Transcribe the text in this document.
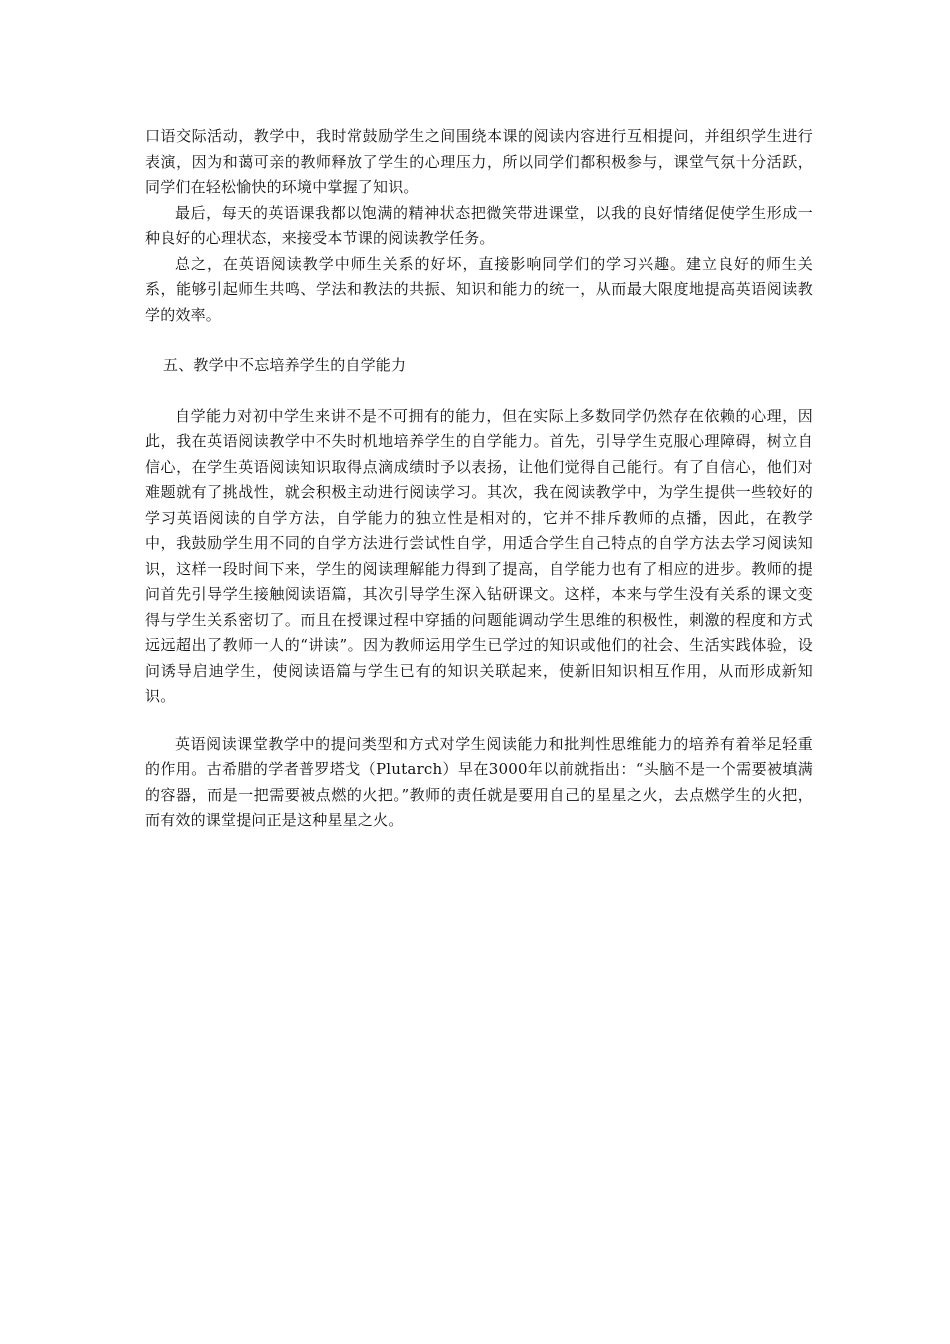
口语交际活动，教学中，我时常鼓励学生之间围绕本课的阅读内容进行互相提问，并组织学生进行表演，因为和蔼可亲的教师释放了学生的心理压力，所以同学们都积极参与，课堂气氛十分活跃，同学们在轻松愉快的环境中掌握了知识。

最后，每天的英语课我都以饱满的精神状态把微笑带进课堂，以我的良好情绪促使学生形成一种良好的心理状态，来接受本节课的阅读教学任务。

总之，在英语阅读教学中师生关系的好坏，直接影响同学们的学习兴趣。建立良好的师生关系，能够引起师生共鸣、学法和教法的共振、知识和能力的统一，从而最大限度地提高英语阅读教学的效率。

五、教学中不忘培养学生的自学能力

自学能力对初中学生来讲不是不可拥有的能力，但在实际上多数同学仍然存在依赖的心理，因此，我在英语阅读教学中不失时机地培养学生的自学能力。首先，引导学生克服心理障碍，树立自信心，在学生英语阅读知识取得点滴成绩时予以表扬，让他们觉得自己能行。有了自信心，他们对难题就有了挑战性，就会积极主动进行阅读学习。其次，我在阅读教学中，为学生提供一些较好的学习英语阅读的自学方法，自学能力的独立性是相对的，它并不排斥教师的点播，因此，在教学中，我鼓励学生用不同的自学方法进行尝试性自学，用适合学生自己特点的自学方法去学习阅读知识，这样一段时间下来，学生的阅读理解能力得到了提高，自学能力也有了相应的进步。教师的提问首先引导学生接触阅读语篇，其次引导学生深入钻研课文。这样，本来与学生没有关系的课文变得与学生关系密切了。而且在授课过程中穿插的问题能调动学生思维的积极性，刺激的程度和方式远远超出了教师一人的“讲读”。因为教师运用学生已学过的知识或他们的社会、生活实践体验，设问诱导启迪学生，使阅读语篇与学生已有的知识关联起来，使新旧知识相互作用，从而形成新知识。

英语阅读课堂教学中的提问类型和方式对学生阅读能力和批判性思维能力的培养有着举足轻重的作用。古希腊的学者普罗塔戈（Plutarch）早在3000年以前就指出：“头脑不是一个需要被填满的容器，而是一把需要被点燃的火把。”教师的责任就是要用自己的星星之火，去点燃学生的火把，而有效的课堂提问正是这种星星之火。
